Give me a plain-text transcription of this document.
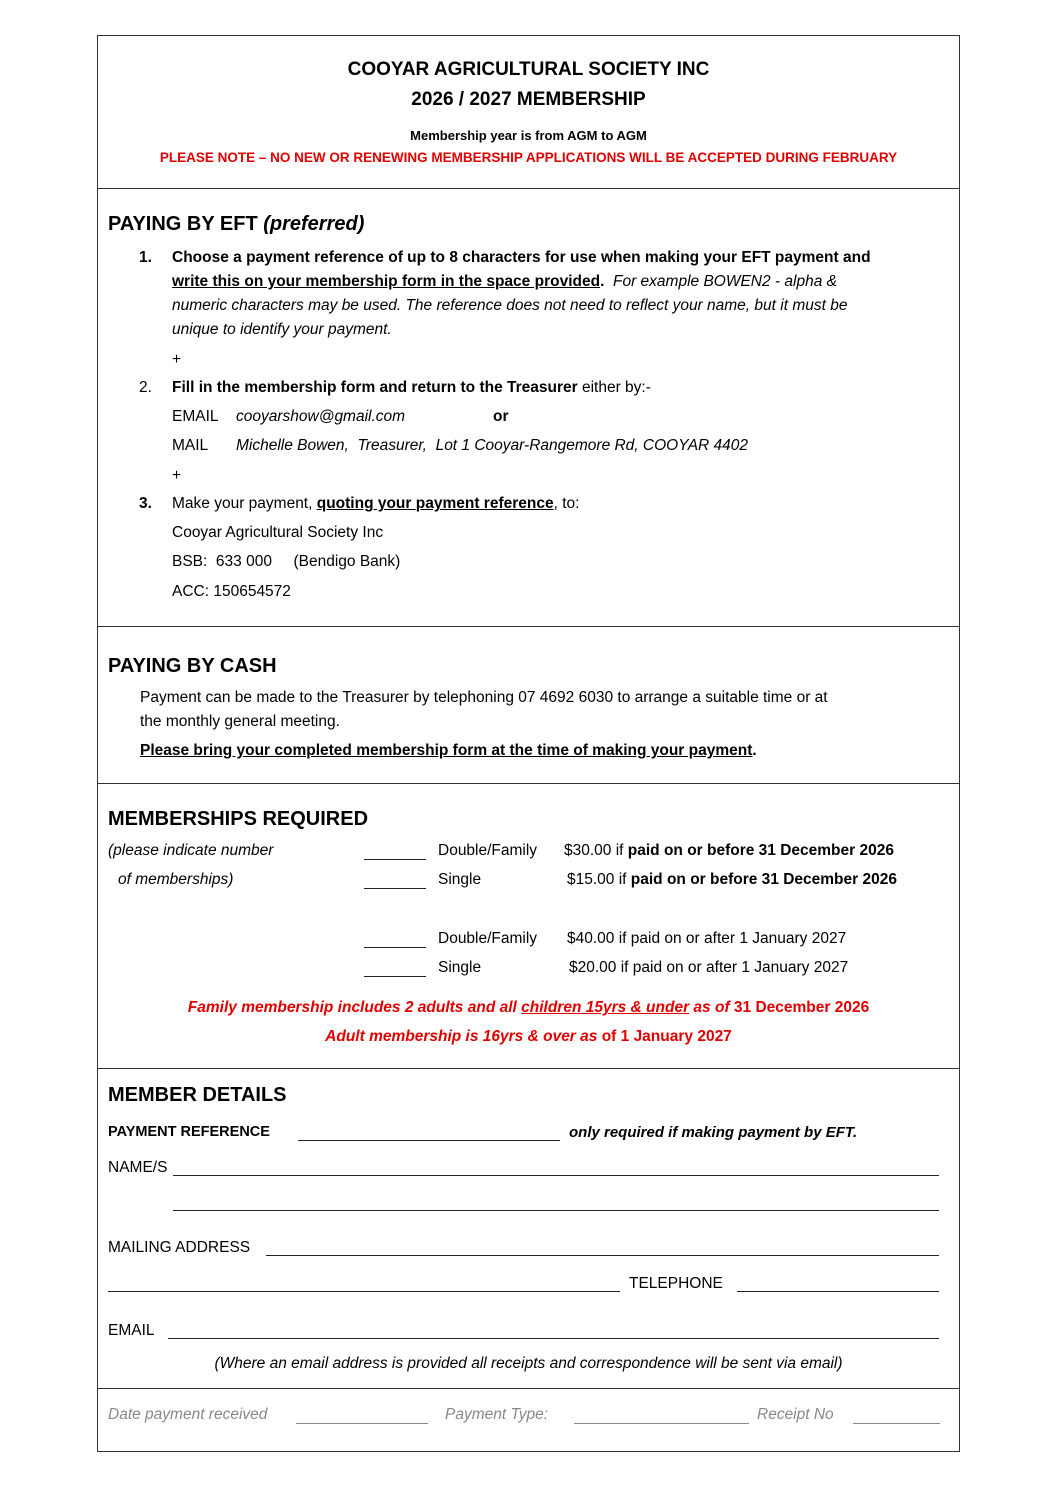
COOYAR AGRICULTURAL SOCIETY INC
2026 / 2027 MEMBERSHIP
Membership year is from AGM to AGM
PLEASE NOTE – NO NEW OR RENEWING MEMBERSHIP APPLICATIONS WILL BE ACCEPTED DURING FEBRUARY
PAYING BY EFT (preferred)
1. Choose a payment reference of up to 8 characters for use when making your EFT payment and
write this on your membership form in the space provided. For example BOWEN2 - alpha &
numeric characters may be used. The reference does not need to reflect your name, but it must be
unique to identify your payment.
+
2. Fill in the membership form and return to the Treasurer either by:-
EMAIL cooyarshow@gmail.com	or
MAIL Michelle Bowen,  Treasurer,  Lot 1 Cooyar-Rangemore Rd, COOYAR 4402
+
3. Make your payment, quoting your payment reference, to:
Cooyar Agricultural Society Inc
BSB:  633 000     (Bendigo Bank)
ACC: 150654572
PAYING BY CASH
Payment can be made to the Treasurer by telephoning 07 4692 6030 to arrange a suitable time or at
the monthly general meeting.
Please bring your completed membership form at the time of making your payment.
MEMBERSHIPS REQUIRED
(please indicate number
of memberships)
Double/Family $30.00 if paid on or before 31 December 2026
Single	$15.00 if paid on or before 31 December 2026
Double/Family $40.00 if paid on or after 1 January 2027
Single	$20.00 if paid on or after 1 January 2027
Family membership includes 2 adults and all children 15yrs & under as of 31 December 2026
Adult membership is 16yrs & over as of 1 January 2027
MEMBER DETAILS
PAYMENT REFERENCE	only required if making payment by EFT.
NAME/S
MAILING ADDRESS
TELEPHONE
EMAIL
(Where an email address is provided all receipts and correspondence will be sent via email)
Date payment received	Payment Type:	Receipt No
